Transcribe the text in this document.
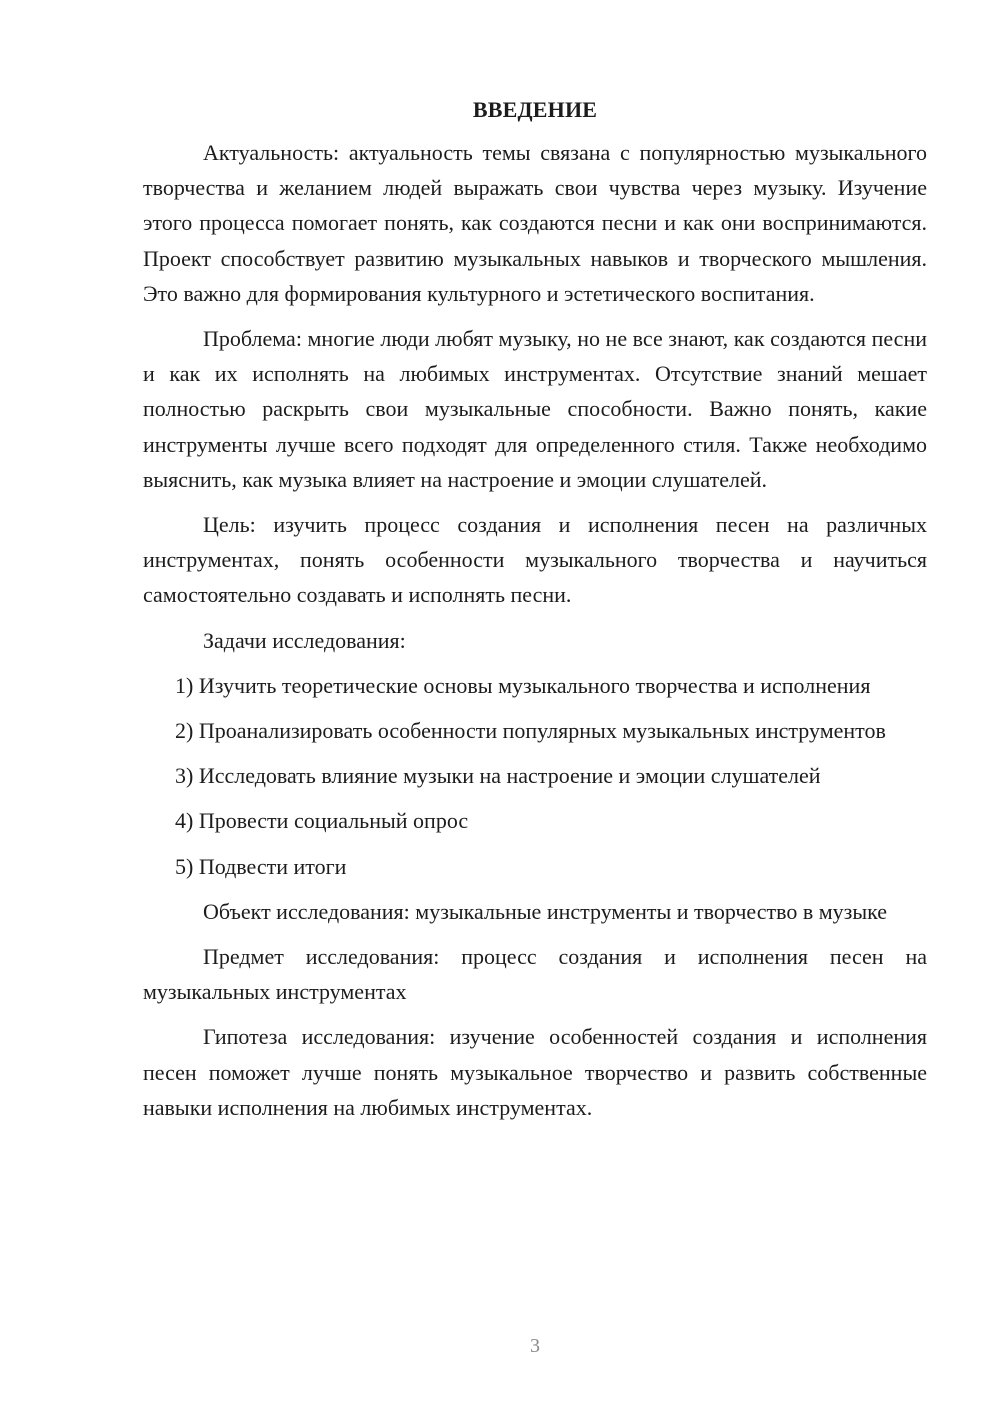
ВВЕДЕНИЕ

Актуальность: актуальность темы связана с популярностью музыкального творчества и желанием людей выражать свои чувства через музыку. Изучение этого процесса помогает понять, как создаются песни и как они воспринимаются. Проект способствует развитию музыкальных навыков и творческого мышления. Это важно для формирования культурного и эстетического воспитания.

Проблема: многие люди любят музыку, но не все знают, как создаются песни и как их исполнять на любимых инструментах. Отсутствие знаний мешает полностью раскрыть свои музыкальные способности. Важно понять, какие инструменты лучше всего подходят для определенного стиля. Также необходимо выяснить, как музыка влияет на настроение и эмоции слушателей.

Цель: изучить процесс создания и исполнения песен на различных инструментах, понять особенности музыкального творчества и научиться самостоятельно создавать и исполнять песни.

Задачи исследования:

1) Изучить теоретические основы музыкального творчества и исполнения

2) Проанализировать особенности популярных музыкальных инструментов

3) Исследовать влияние музыки на настроение и эмоции слушателей

4) Провести социальный опрос

5) Подвести итоги

Объект исследования: музыкальные инструменты и творчество в музыке

Предмет исследования: процесс создания и исполнения песен на музыкальных инструментах

Гипотеза исследования: изучение особенностей создания и исполнения песен поможет лучше понять музыкальное творчество и развить собственные навыки исполнения на любимых инструментах.

3
